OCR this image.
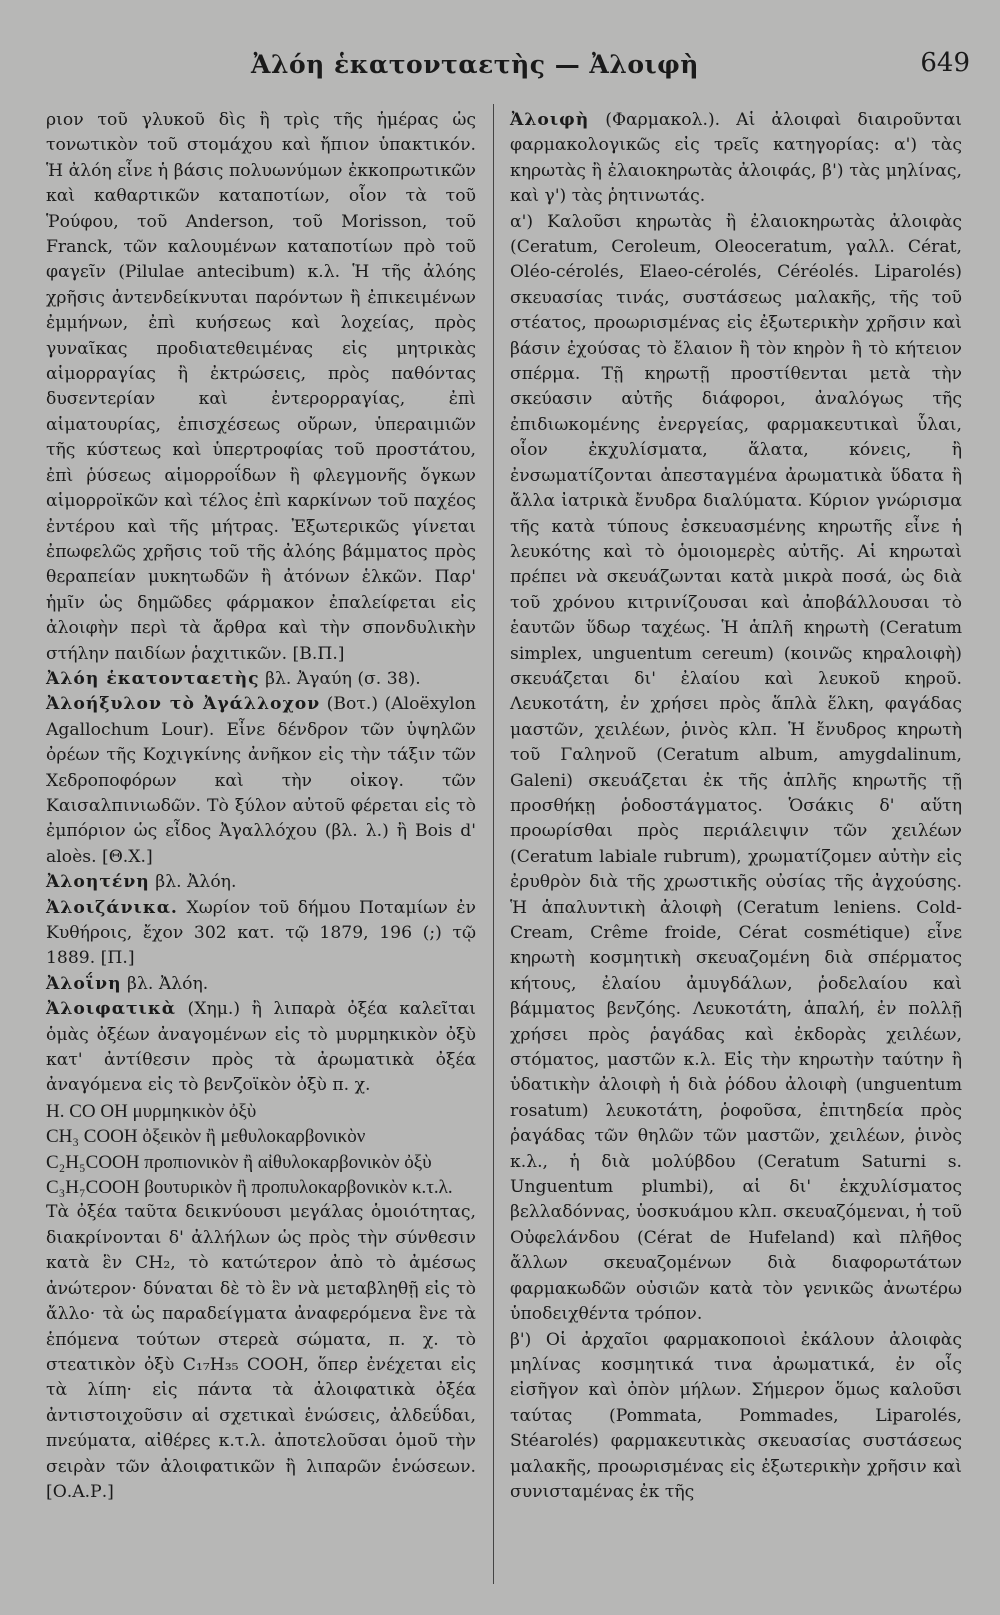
Ἀλόη ἑκατονταετὴς — Ἀλοιφὴ	649

ριον τοῦ γλυκοῦ δὶς ἢ τρὶς τῆς ἡμέρας ὡς τονωτικὸν τοῦ στομάχου καὶ ἤπιον ὑπακτικόν. Ἡ ἀλόη εἶνε ἡ βάσις πολυωνύμων ἐκκοπρωτικῶν καὶ καθαρτικῶν καταποτίων, οἷον τὰ τοῦ Ῥούφου, τοῦ Anderson, τοῦ Morisson, τοῦ Franck, τῶν καλουμένων καταποτίων πρὸ τοῦ φαγεῖν (Pilulae antecibum) κ.λ. Ἡ τῆς ἀλόης χρῆσις ἀντενδείκνυται παρόντων ἢ ἐπικειμένων ἐμμήνων, ἐπὶ κυήσεως καὶ λοχείας, πρὸς γυναῖκας προδιατεθειμένας εἰς μητρικὰς αἱμορραγίας ἢ ἐκτρώσεις, πρὸς παθόντας δυσεντερίαν καὶ ἐντερορραγίας, ἐπὶ αἱματουρίας, ἐπισχέσεως οὔρων, ὑπεραιμιῶν τῆς κύστεως καὶ ὑπερτροφίας τοῦ προστάτου, ἐπὶ ῥύσεως αἱμορροΐδων ἢ φλεγμονῆς ὄγκων αἱμορροϊκῶν καὶ τέλος ἐπὶ καρκίνων τοῦ παχέος ἐντέρου καὶ τῆς μήτρας. Ἐξωτερικῶς γίνεται ἐπωφελῶς χρῆσις τοῦ τῆς ἀλόης βάμματος πρὸς θεραπείαν μυκητωδῶν ἢ ἀτόνων ἑλκῶν. Παρ' ἡμῖν ὡς δημῶδες φάρμακον ἐπαλείφεται εἰς ἀλοιφὴν περὶ τὰ ἄρθρα καὶ τὴν σπονδυλικὴν στήλην παιδίων ῥαχιτικῶν. [Β.Π.]

Ἀλόη ἑκατονταετὴς βλ. Ἀγαύη (σ. 38).

Ἀλοήξυλον τὸ Ἀγάλλοχον (Βοτ.) (Aloëxylon Agallochum Lour). Εἶνε δένδρον τῶν ὑψηλῶν ὀρέων τῆς Κοχιγκίνης ἀνῆκον εἰς τὴν τάξιν τῶν Χεδροποφόρων καὶ τὴν οἰκογ. τῶν Καισαλπινιωδῶν. Τὸ ξύλον αὐτοῦ φέρεται εἰς τὸ ἐμπόριον ὡς εἶδος Ἀγαλλόχου (βλ. λ.) ἢ Bois d' aloès. [Θ.Χ.]

Ἀλοητένη βλ. Ἀλόη.

Ἀλοιζάνικα. Χωρίον τοῦ δήμου Ποταμίων ἐν Κυθήροις, ἔχον 302 κατ. τῷ 1879, 196 (;) τῷ 1889. [Π.]

Ἀλοΐνη βλ. Ἀλόη.

Ἀλοιφατικὰ (Χημ.) ἢ λιπαρὰ ὀξέα καλεῖται ὁμὰς ὀξέων ἀναγομένων εἰς τὸ μυρμηκικὸν ὀξὺ κατ' ἀντίθεσιν πρὸς τὰ ἀρωματικὰ ὀξέα ἀναγόμενα εἰς τὸ βενζοϊκὸν ὀξὺ π. χ.

H. CO OH μυρμηκικὸν ὀξὺ

CH₃ COOH ὀξεικὸν ἢ μεθυλοκαρβονικὸν

C₂H₅COOH προπιονικὸν ἢ αἰθυλοκαρβονικὸν ὀξὺ

C₃H₇COOH βουτυρικὸν ἢ προπυλοκαρβονικὸν κ.τ.λ.

Τὰ ὀξέα ταῦτα δεικνύουσι μεγάλας ὁμοιότητας, διακρίνονται δ' ἀλλήλων ὡς πρὸς τὴν σύνθεσιν κατὰ ἓν CH₂, τὸ κατώτερον ἀπὸ τὸ ἀμέσως ἀνώτερον· δύναται δὲ τὸ ἓν νὰ μεταβληθῇ εἰς τὸ ἄλλο· τὰ ὡς παραδείγματα ἀναφερόμενα ἓνε τὰ ἑπόμενα τούτων στερεὰ σώματα, π. χ. τὸ στεατικὸν ὀξὺ C₁₇H₃₅ COOH, ὅπερ ἐνέχεται εἰς τὰ λίπη· εἰς πάντα τὰ ἀλοιφατικὰ ὀξέα ἀντιστοιχοῦσιν αἱ σχετικαὶ ἑνώσεις, ἀλδεΰδαι, πνεύματα, αἰθέρες κ.τ.λ. ἀποτελοῦσαι ὁμοῦ τὴν σειρὰν τῶν ἀλοιφατικῶν ἢ λιπαρῶν ἑνώσεων. [Ο.Α.Ρ.]

Ἀλοιφὴ (Φαρμακολ.). Αἱ ἀλοιφαὶ διαιροῦνται φαρμακολογικῶς εἰς τρεῖς κατηγορίας: α') τὰς κηρωτὰς ἢ ἐλαιοκηρωτὰς ἀλοιφάς, β') τὰς μηλίνας, καὶ γ') τὰς ῥητινωτάς.

α') Καλοῦσι κηρωτὰς ἢ ἐλαιοκηρωτὰς ἀλοιφὰς (Ceratum, Ceroleum, Oleoceratum, γαλλ. Cérat, Oléo-cérolés, Elaeo-cérolés, Céréolés. Liparolés) σκευασίας τινάς, συστάσεως μαλακῆς, τῆς τοῦ στέατος, προωρισμένας εἰς ἐξωτερικὴν χρῆσιν καὶ βάσιν ἐχούσας τὸ ἔλαιον ἢ τὸν κηρὸν ἢ τὸ κήτειον σπέρμα. Τῇ κηρωτῇ προστίθενται μετὰ τὴν σκεύασιν αὐτῆς διάφοροι, ἀναλόγως τῆς ἐπιδιωκομένης ἐνεργείας, φαρμακευτικαὶ ὗλαι, οἷον ἐκχυλίσματα, ἅλατα, κόνεις, ἢ ἐνσωματίζονται ἀπεσταγμένα ἀρωματικὰ ὕδατα ἢ ἄλλα ἰατρικὰ ἔνυδρα διαλύματα. Κύριον γνώρισμα τῆς κατὰ τύπους ἐσκευασμένης κηρωτῆς εἶνε ἡ λευκότης καὶ τὸ ὁμοιομερὲς αὐτῆς. Αἱ κηρωταὶ πρέπει νὰ σκευάζωνται κατὰ μικρὰ ποσά, ὡς διὰ τοῦ χρόνου κιτρινίζουσαι καὶ ἀποβάλλουσαι τὸ ἑαυτῶν ὕδωρ ταχέως. Ἡ ἁπλῆ κηρωτὴ (Ceratum simplex, unguentum cereum) (κοινῶς κηραλοιφὴ) σκευάζεται δι' ἐλαίου καὶ λευκοῦ κηροῦ. Λευκοτάτη, ἐν χρήσει πρὸς ἅπλὰ ἕλκη, φαγάδας μαστῶν, χειλέων, ῥινὸς κλπ. Ἡ ἔνυδρος κηρωτὴ τοῦ Γαληνοῦ (Ceratum album, amygdalinum, Galeni) σκευάζεται ἐκ τῆς ἁπλῆς κηρωτῆς τῇ προσθήκῃ ῥοδοστάγματος. Ὁσάκις δ' αὕτη προωρίσθαι πρὸς περιάλειψιν τῶν χειλέων (Ceratum labiale rubrum), χρωματίζομεν αὐτὴν εἰς ἐρυθρὸν διὰ τῆς χρωστικῆς οὐσίας τῆς ἀγχούσης. Ἡ ἁπαλυντικὴ ἀλοιφὴ (Ceratum leniens. Cold-Cream, Crême froide, Cérat cosmétique) εἶνε κηρωτὴ κοσμητικὴ σκευαζομένη διὰ σπέρματος κήτους, ἐλαίου ἀμυγδάλων, ῥοδελαίου καὶ βάμματος βενζόης. Λευκοτάτη, ἁπαλή, ἐν πολλῇ χρήσει πρὸς ῥαγάδας καὶ ἐκδορὰς χειλέων, στόματος, μαστῶν κ.λ. Εἰς τὴν κηρωτὴν ταύτην ἢ ὑδατικὴν ἀλοιφὴ ἡ διὰ ῥόδου ἀλοιφὴ (unguentum rosatum) λευκοτάτη, ῥοφοῦσα, ἐπιτηδεία πρὸς ῥαγάδας τῶν θηλῶν τῶν μαστῶν, χειλέων, ῥινὸς κ.λ., ἡ διὰ μολύβδου (Ceratum Saturni s. Unguentum plumbi), αἱ δι' ἐκχυλίσματος βελλαδόννας, ὑοσκυάμου κλπ. σκευαζόμεναι, ἡ τοῦ Οὐφελάνδου (Cérat de Hufeland) καὶ πλῆθος ἄλλων σκευαζομένων διὰ διαφορωτάτων φαρμακωδῶν οὐσιῶν κατὰ τὸν γενικῶς ἀνωτέρω ὑποδειχθέντα τρόπον.

β') Οἱ ἀρχαῖοι φαρμακοποιοὶ ἐκάλουν ἀλοιφὰς μηλίνας κοσμητικά τινα ἀρωματικά, ἐν οἷς εἰσῆγον καὶ ὀπὸν μήλων. Σήμερον ὅμως καλοῦσι ταύτας (Pommata, Pommades, Liparolés, Stéarolés) φαρμακευτικὰς σκευασίας συστάσεως μαλακῆς, προωρισμένας εἰς ἐξωτερικὴν χρῆσιν καὶ συνισταμένας ἐκ τῆς
